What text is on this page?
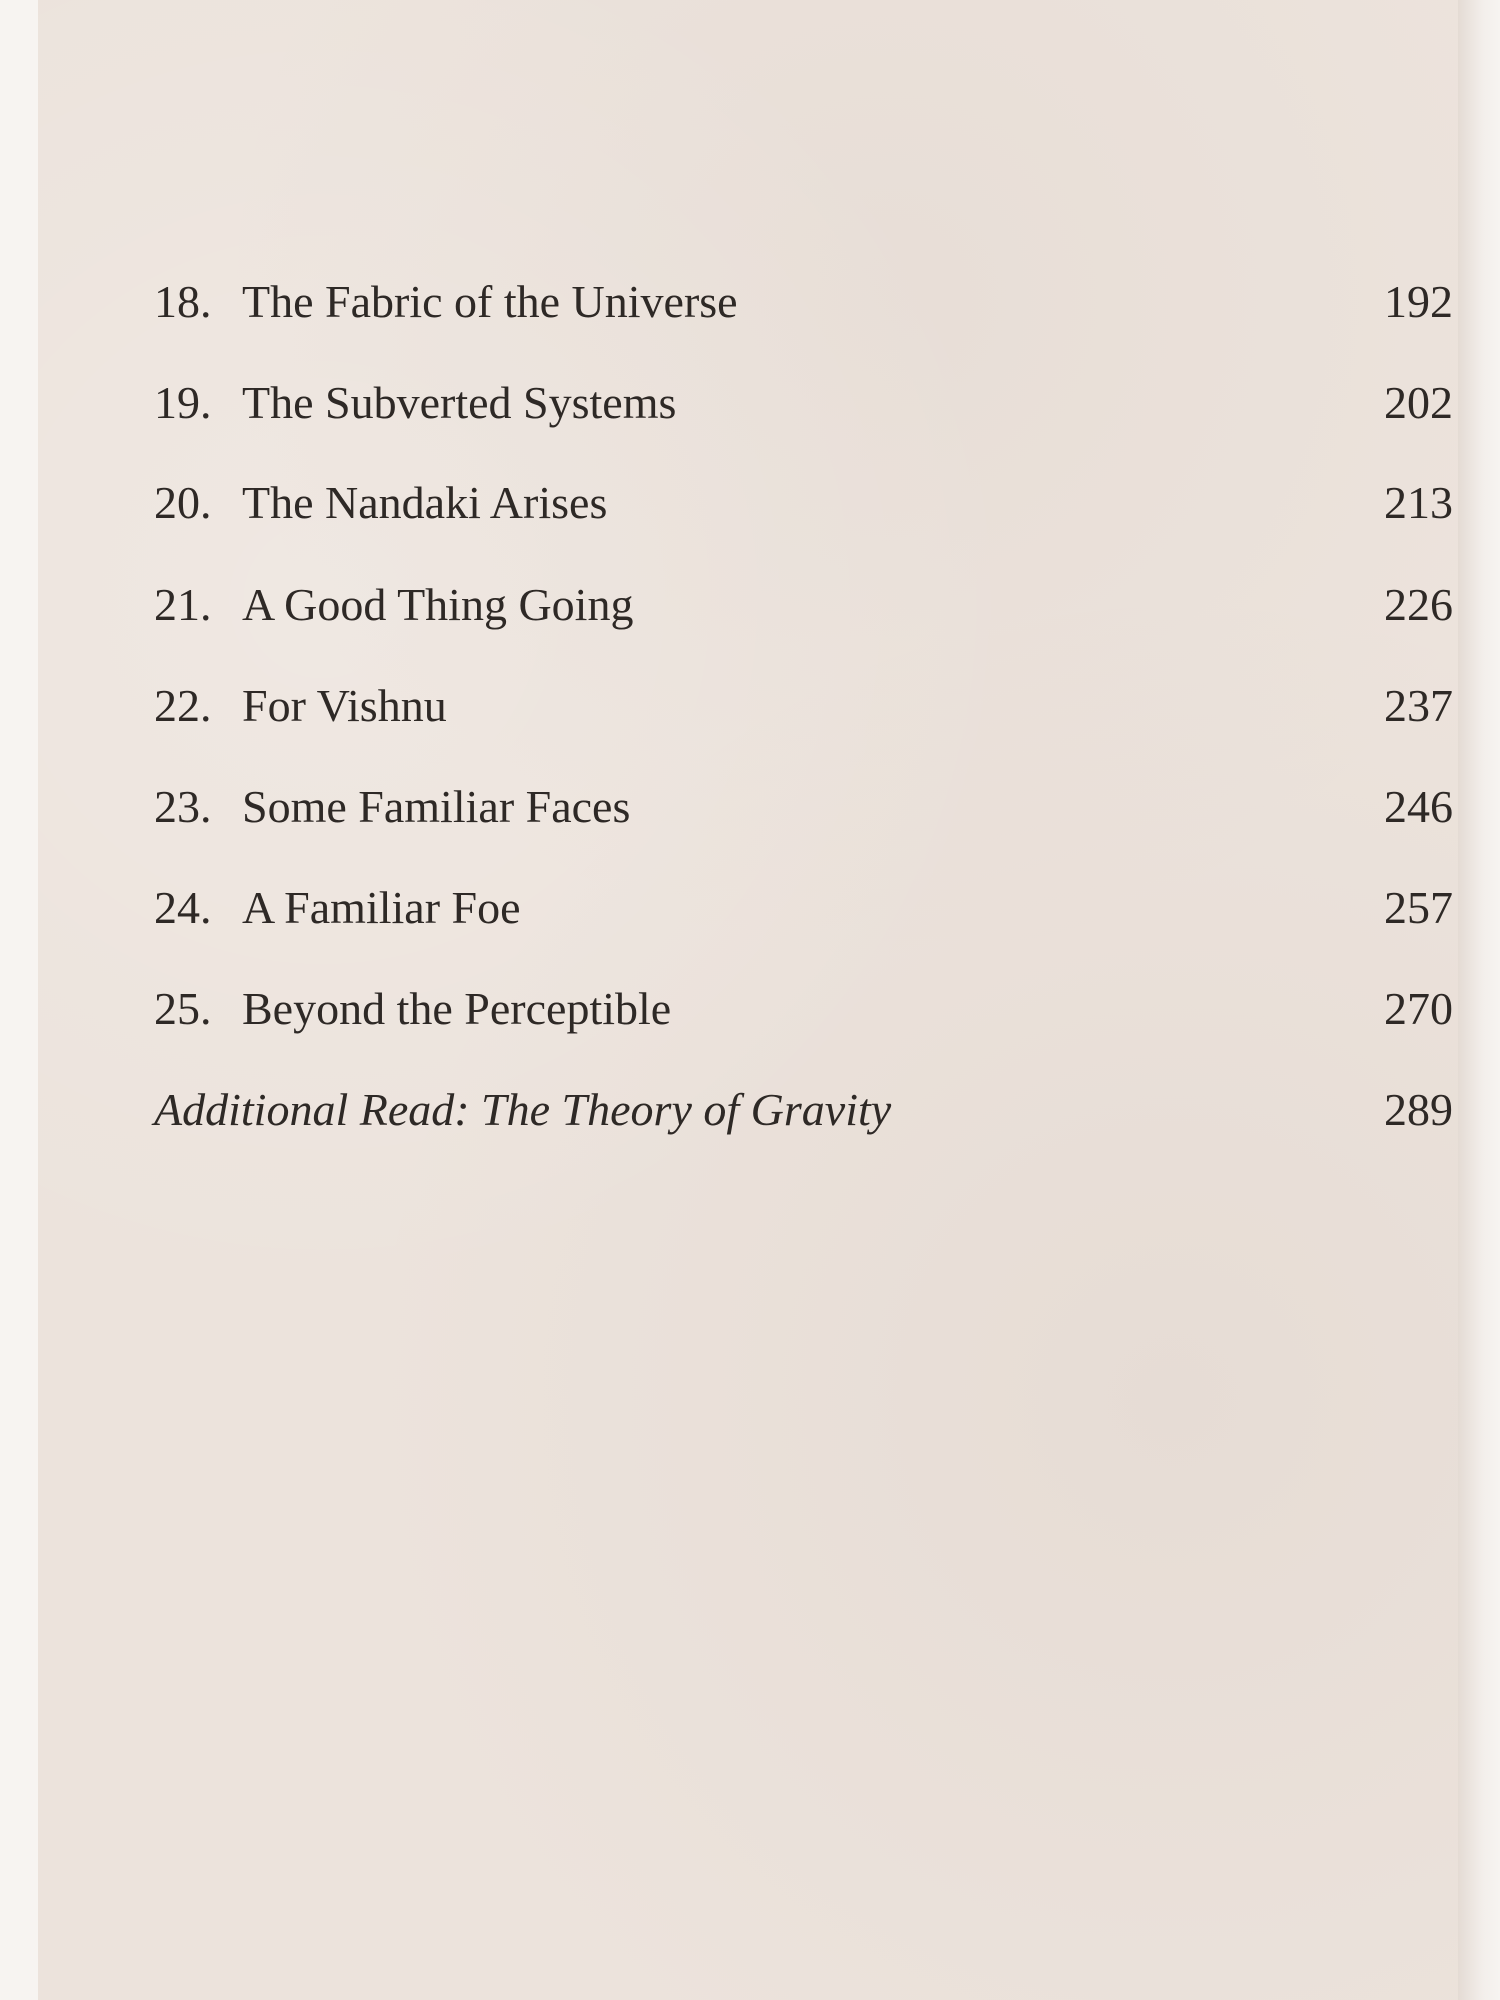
18. The Fabric of the Universe	192
19. The Subverted Systems	202
20. The Nandaki Arises	213
21. A Good Thing Going	226
22. For Vishnu	237
23. Some Familiar Faces	246
24. A Familiar Foe	257
25. Beyond the Perceptible	270
Additional Read: The Theory of Gravity	289
